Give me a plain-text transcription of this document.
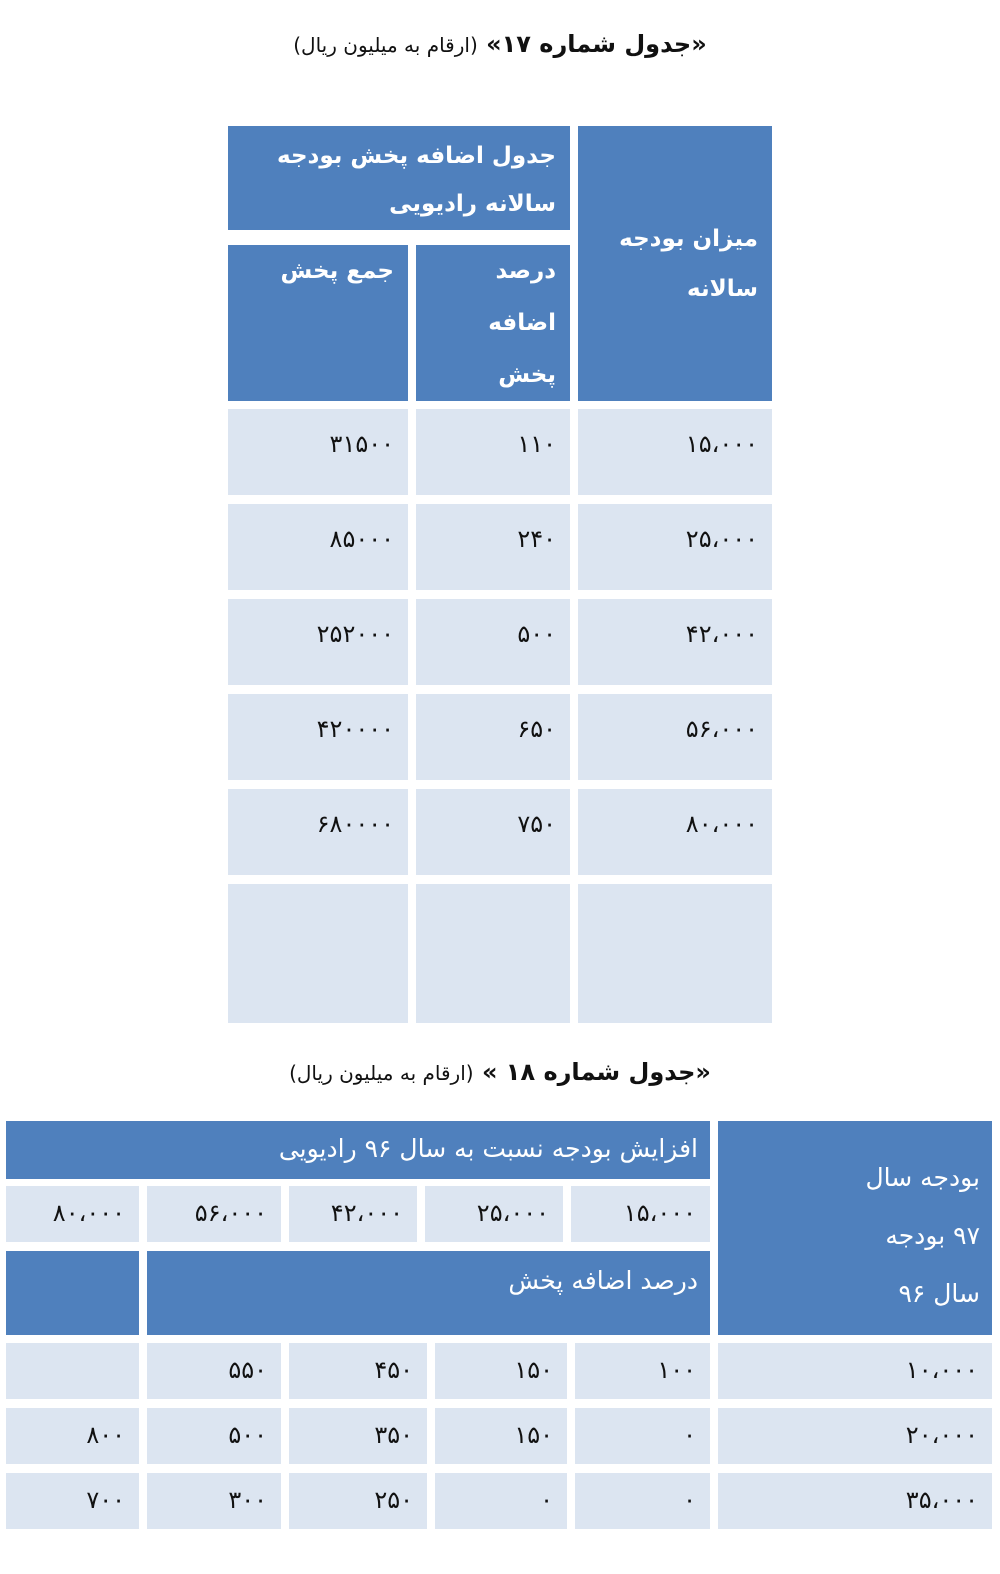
«جدول شماره ۱۷» (ارقام به میلیون ریال)
جدول اضافه پخش بودجه سالانه رادیویی
میزان بودجه سالانه
درصد اضافه پخش
جمع پخش
۱۵،۰۰۰
۱۱۰
۳۱۵۰۰
۲۵،۰۰۰
۲۴۰
۸۵۰۰۰
۴۲،۰۰۰
۵۰۰
۲۵۲۰۰۰
۵۶،۰۰۰
۶۵۰
۴۲۰۰۰۰
۸۰،۰۰۰
۷۵۰
۶۸۰۰۰۰
«جدول شماره ۱۸ » (ارقام به میلیون ریال)
بودجه سال
۹۷ بودجه
سال ۹۶
افزایش بودجه نسبت به سال ۹۶ رادیویی
۱۵،۰۰۰
۲۵،۰۰۰
۴۲،۰۰۰
۵۶،۰۰۰
۸۰،۰۰۰
درصد اضافه پخش
۱۰،۰۰۰
۱۰۰
۱۵۰
۴۵۰
۵۵۰
۲۰،۰۰۰
۰
۱۵۰
۳۵۰
۵۰۰
۸۰۰
۳۵،۰۰۰
۰
۰
۲۵۰
۳۰۰
۷۰۰
